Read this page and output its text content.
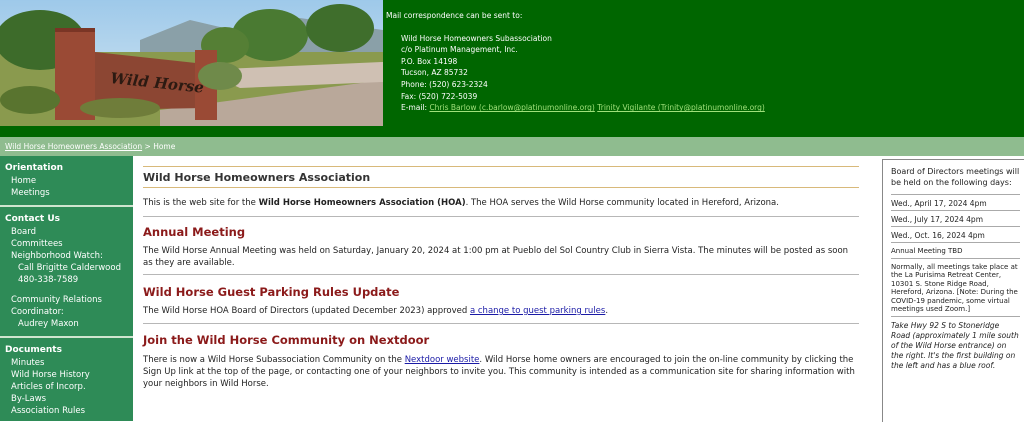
Wild Horse
Mail correspondence can be sent to:
Wild Horse Homeowners Subassociation
c/o Platinum Management, Inc.
P.O. Box 14198
Tucson, AZ 85732
Phone: (520) 623-2324
Fax: (520) 722-5039
E-mail: Chris Barlow (c.barlow@platinumonline.org) Trinity Vigilante (Trinity@platinumonline.org)
Wild Horse Homeowners Association > Home
Orientation
Home
Meetings
Contact Us
Board
Committees
Neighborhood Watch:
Call Brigitte Calderwood
480-338-7589
Community Relations
Coordinator:
Audrey Maxon
Documents
Minutes
Wild Horse History
Articles of Incorp.
By-Laws
Association Rules
Wild Horse Homeowners Association

This is the web site for the Wild Horse Homeowners Association (HOA). The HOA serves the Wild Horse community located in Hereford, Arizona.

Annual Meeting

The Wild Horse Annual Meeting was held on Saturday, January 20, 2024 at 1:00 pm at Pueblo del Sol Country Club in Sierra Vista. The minutes will be posted as soon as they are available.

Wild Horse Guest Parking Rules Update

The Wild Horse HOA Board of Directors (updated December 2023) approved a change to guest parking rules.

Join the Wild Horse Community on Nextdoor

There is now a Wild Horse Subassociation Community on the Nextdoor website. Wild Horse home owners are encouraged to join the on-line community by clicking the Sign Up link at the top of the page, or contacting one of your neighbors to invite you. This community is intended as a communication site for sharing information with your neighbors in Wild Horse.

Board of Directors meetings will be held on the following days:
Wed., April 17, 2024 4pm
Wed., July 17, 2024 4pm
Wed., Oct. 16, 2024 4pm
Annual Meeting TBD
Normally, all meetings take place at the La Purisima Retreat Center, 10301 S. Stone Ridge Road, Hereford, Arizona. [Note: During the COVID-19 pandemic, some virtual meetings used Zoom.]
Take Hwy 92 S to Stoneridge Road (approximately 1 mile south of the Wild Horse entrance) on the right. It's the first building on the left and has a blue roof.
